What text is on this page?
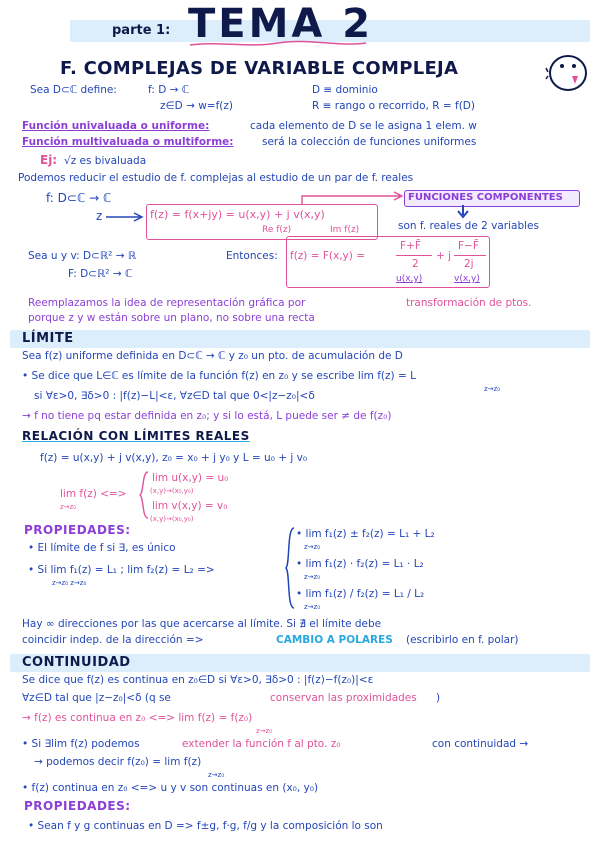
parte 1: TEMA 2
F. COMPLEJAS DE VARIABLE COMPLEJA
Sea D⊂ℂ define:	f: D → ℂ
z∈D → w=f(z)
D ≡ dominio
R ≡ rango o recorrido, R = f(D)
Función univaluada o uniforme:	cada elemento de D se le asigna 1 elem. w
Función multivaluada o multiforme:	será la colección de funciones uniformes
Ej: √z es bivaluada
Podemos reducir el estudio de f. complejas al estudio de un par de f. reales
f: D⊂ℂ → ℂ
z	f(z) = f(x+jy) = u(x,y) + j v(x,y)
Re f(z)	Im f(z)
FUNCIONES COMPONENTES
son f. reales de 2 variables
Sea u y v: D⊂ℝ² → ℝ	Entonces: f(z) = F(x,y) =
F+F̄
2
u(x,y)
+ j
F−F̄
2j
v(x,y)
F: D⊂ℝ² → ℂ
Reemplazamos la idea de representación gráfica por	transformación de ptos.
porque z y w están sobre un plano, no sobre una recta
LÍMITE
Sea f(z) uniforme definida en D⊂ℂ → ℂ y z₀ un pto. de acumulación de D
• Se dice que L∈ℂ es límite de la función f(z) en z₀ y se escribe lim f(z) = L
z→z₀
si ∀ε>0, ∃δ>0 : |f(z)−L|<ε, ∀z∈D tal que 0<|z−z₀|<δ
→ f no tiene pq estar definida en z₀; y si lo está, L puede ser ≠ de f(z₀)
RELACIÓN CON LÍMITES REALES
f(z) = u(x,y) + j v(x,y), z₀ = x₀ + j y₀ y L = u₀ + j v₀
lim f(z) <=>
z→z₀
lim u(x,y) = u₀
(x,y)→(x₀,y₀)
lim v(x,y) = v₀
(x,y)→(x₀,y₀)
PROPIEDADES:
• El límite de f si ∃, es único
• Si lim f₁(z) = L₁ ; lim f₂(z) = L₂ =>
z→z₀ z→z₀
• lim f₁(z) ± f₂(z) = L₁ + L₂
z→z₀
• lim f₁(z) · f₂(z) = L₁ · L₂
z→z₀
• lim f₁(z) / f₂(z) = L₁ / L₂
z→z₀
Hay ∞ direcciones por las que acercarse al límite. Si ∄ el límite debe
coincidir indep. de la dirección =>	CAMBIO A POLARES (escribirlo en f. polar)
CONTINUIDAD
Se dice que f(z) es continua en z₀∈D si ∀ε>0, ∃δ>0 : |f(z)−f(z₀)|<ε
∀z∈D tal que |z−z₀|<δ (q se	conservan las proximidades )
→ f(z) es continua en z₀ <=> lim f(z) = f(z₀)
z→z₀
• Si ∃lim f(z) podemos	extender la función f al pto. z₀	con continuidad →
→ podemos decir f(z₀) = lim f(z)
z→z₀
• f(z) continua en z₀ <=> u y v son continuas en (x₀, y₀)
PROPIEDADES:
• Sean f y g continuas en D => f±g, f·g, f/g y la composición lo son
